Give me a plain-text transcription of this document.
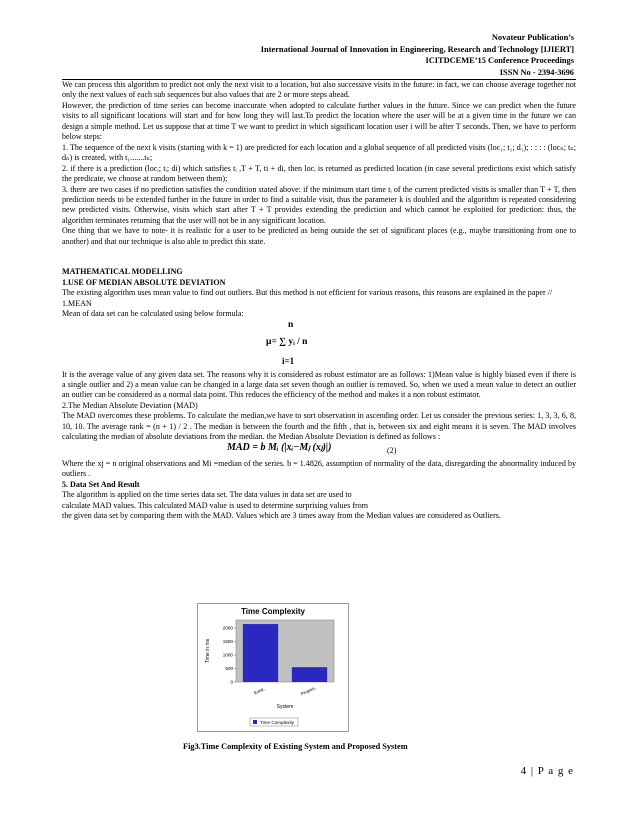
Novateur Publication’s
International Journal of Innovation in Engineering, Research and Technology [IJIERT]
ICITDCEME’15 Conference Proceedings
ISSN No - 2394-3696

We can process this algorithm to predict not only the next visit to a location, but also successive visits in the future: in fact, we can choose average together not only the next values of each sub sequences but also values that are 2 or more steps ahead.

However, the prediction of time series can become inaccurate when adopted to calculate further values in the future. Since we can predict when the future visits to all significant locations will start and for how long they will last.To predict the location where the user will be at a given time in the future we can design a simple method. Let us suppose that at time T we want to predict in which significant location user i will be after T seconds. Then, we have to perform below steps:

1. The sequence of the next k visits (starting with k = 1) are predicted for each location and a global sequence of all predicted visits (loc₁; t₁; d₁); : : : : (locₙ; tₙ; dₙ) is created, with t₁.......tₙ;

2. if there is a prediction (locᵢ; tᵢ; di) which satisfies tᵢ ,T + T, ti + di, then locᵢ is returned as predicted location (in case several predictions exist which satisfy the predicate, we choose at random between them);

3. there are two cases if no prediction satisfies the condition stated above: if the minimum start time tᵢ of the current predicted visits is smaller than T + T, then prediction needs to be extended further in the future in order to find a suitable visit, thus the parameter k is doubled and the algorithm is repeated considering new predicted visits. Otherwise, visits which start after T + T provides extending the prediction and which cannot be exploited for prediction: thus, the algorithm terminates returning that the user will not be in any significant location.

One thing that we have to note- it is realistic for a user to be predicted as being outside the set of significant places (e.g., maybe transitioning from one to another) and that our technique is also able to predict this state.

MATHEMATICAL MODELLING

1.USE OF MEDIAN ABSOLUTE DEVIATION

The existing algorithm uses mean value to find out outliers. But this method is not efficient for various reasons, this reasons are explained in the paper //

1.MEAN

Mean of data set can be calculated using below formula:

n
μ= ∑ yᵢ / n
i=1

It is the average value of any given data set. The reasons why it is considered as robust estimator are as follows: 1)Mean value is highly biased even if there is a single outlier and 2) a mean value can be changed in a large data set seven though an outlier is removed. So, when we used a mean value to detect an outlier an outlier can be considered as a normal data point. This reduces the efficiency of the method and makes it a non robust estimator.

2.The Median Absolute Deviation (MAD)

The MAD overcomes these problems. To calculate the median,we have to sort observation in ascending order. Let us consider the previous series: 1, 3, 3, 6, 8, 10, 10. The average rank = (n + 1) / 2 . The median is between the fourth and the fifth , that is, between six and eight means it is seven. The MAD involves calculating the median of absolute deviations from the median. the Median Absolute Deviation is defined as follows :

MAD = b Mᵢ (|xᵢ−Mⱼ (xⱼ)|)	(2)

Where the xj = n original observations and Mi =median of the series. b = 1.4826, assumption of normality of the data, disregarding the abnormality induced by outliers .

5. Data Set And Result

The algorithm is applied on the time series data set. The data values in data set are used to

calculate MAD values. This calculated MAD value is used to determine surprising values from

the given data set by comparing them with the MAD. Values which are 3 times away from the Median values are considered as Outliers.

Time Complexity
0
500
1000
1500
2000
Exist..	Propos..
Time in ms
System
Time Complexity
Fig3.Time Complexity of Existing System and Proposed System
4 | P a g e
